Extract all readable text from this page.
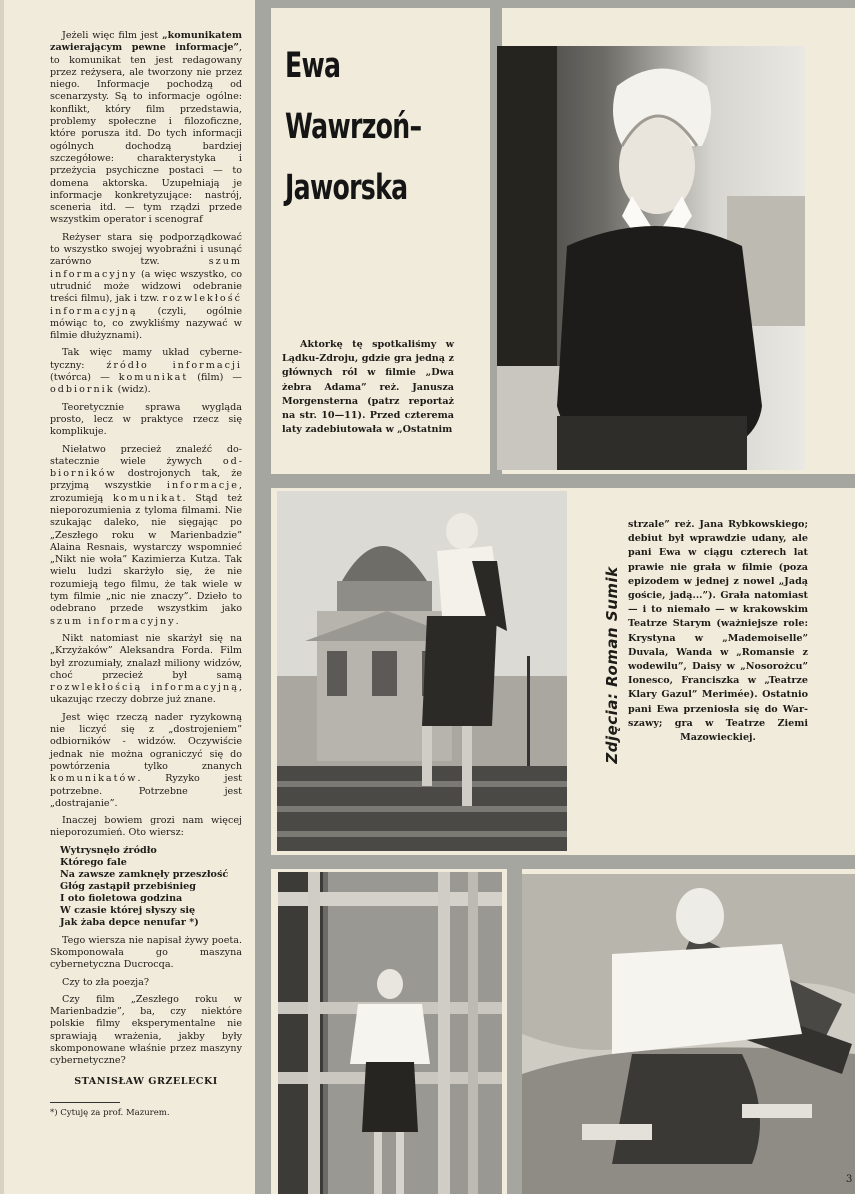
Jeżeli więc film jest „komunikatem zawierającym pewne informacje”, to komunikat ten jest redagowany przez reżysera, ale tworzony nie przez niego. Informacje pochodzą od scenarzysty. Są to informacje ogólne: konflikt, który film przedstawia, problemy społeczne i filozoficzne, które porusza itd. Do tych informacji ogólnych dochodzą bardziej szczegółowe: charakterystyka i przeżycia psychiczne postaci — to domena aktorska. Uzupełniają je informacje konkretyzujące: nastrój, sceneria itd. — tym rządzi przede wszystkim operator i scenograf

Reżyser stara się podporządkować to wszystko swojej wyobraźni i usunąć zarówno tzw. szum informacyjny (a więc wszystko, co utrudnić może widzowi odebranie treści filmu), jak i tzw. rozwlekłość informacyjną (czyli, ogólnie mówiąc to, co zwykliśmy nazywać w filmie dłużyznami).

Tak więc mamy układ cybernetyczny: źródło informacji (twórca) — komunikat (film) — odbiornik (widz).

Teoretycznie sprawa wygląda prosto, lecz w praktyce rzecz się komplikuje.

Niełatwo przecież znaleźć dostatecznie wiele żywych odbiorników dostrojonych tak, że przyjmą wszystkie informacje, zrozumieją komunikat. Stąd też nieporozumienia z tyloma filmami. Nie szukając daleko, nie sięgając po „Zeszłego roku w Marienbadzie” Alaina Resnais, wystarczy wspomnieć „Nikt nie woła” Kazimierza Kutza. Tak wielu ludzi skarżyło się, że nie rozumieją tego filmu, że tak wiele w tym filmie „nic nie znaczy”. Dzieło to odebrano przede wszystkim jako szum informacyjny.

Nikt natomiast nie skarżył się na „Krzyżaków” Aleksandra Forda. Film był zrozumiały, znalazł miliony widzów, choć przecież był samą rozwlekłością informacyjną, ukazując rzeczy dobrze już znane.

Jest więc rzeczą nader ryzykowną nie liczyć się z „dostrojeniem” odbiorników - widzów. Oczywiście jednak nie można ograniczyć się do powtórzenia tylko znanych komunikatów. Ryzyko jest potrzebne. Potrzebne jest „dostrajanie”.

Inaczej bowiem grozi nam więcej nieporozumień. Oto wiersz:

Wytrysnęło źródło
Którego fale
Na zawsze zamknęły przeszłość
Głóg zastąpił przebiśnieg
I oto fioletowa godzina
W czasie której słyszy się
Jak żaba depce nenufar *)

Tego wiersza nie napisał żywy poeta. Skomponowała go maszyna cybernetyczna Ducrocqa.

Czy to zła poezja?

Czy film „Zeszłego roku w Marienbadzie”, ba, czy niektóre polskie filmy eksperymentalne nie sprawiają wrażenia, jakby były skomponowane właśnie przez maszyny cybernetyczne?

STANISŁAW GRZELECKI
*) Cytuję za prof. Mazurem.
Ewa
Wawrzoń–
Jaworska

Aktorkę tę spotkaliśmy w Lądku-Zdroju, gdzie gra jedną z głównych ról w filmie „Dwa żebra Adama” reż. Janusza Morgensterna (patrz reportaż na str. 10—11). Przed czterema laty zadebiutowała w „Ostatnim

Zdjęcia: Roman Sumik

strzale” reż. Jana Rybkowskiego; debiut był wprawdzie udany, ale pani Ewa w ciągu czterech lat prawie nie grała w filmie (poza epizodem w jednej z nowel „Jadą goście, jadą...”). Grała natomiast — i to niemało — w krakowskim Teatrze Starym (ważniejsze role: Krystyna w „Mademoiselle” Duvala, Wanda w „Romansie z wodewilu”, Daisy w „Nosorożcu” Ionesco, Franciszka w „Teatrze Klary Gazul” Merimée). Ostatnio pani Ewa przeniosła się do Warszawy; gra w Teatrze Ziemi Mazowieckiej.

3
